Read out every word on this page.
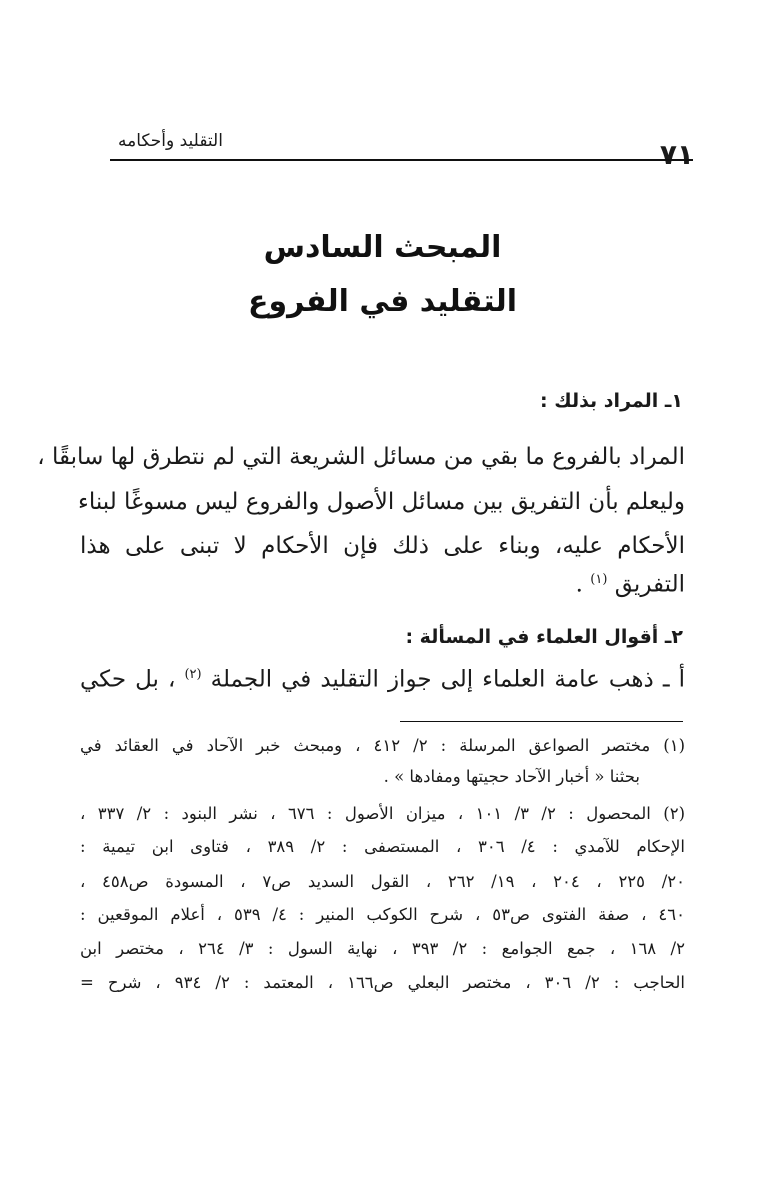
التقليد وأحكامه	٧١
المبحث السادس
التقليد في الفروع
١ـ المراد بذلك :
المراد بالفروع ما بقي من مسائل الشريعة التي لم نتطرق لها سابقًا ،
وليعلم بأن التفريق بين مسائل الأصول والفروع ليس مسوغًا لبناء
الأحكام عليه، وبناء على ذلك فإن الأحكام لا تبنى على هذا
التفريق $^{(١)}$ .
٢ـ أقوال العلماء في المسألة :
أ ـ ذهب عامة العلماء إلى جواز التقليد في الجملة $^{(٢)}$ ، بل حكي
(١) مختصر الصواعق المرسلة : ٢/ ٤١٢ ، ومبحث خبر الآحاد في العقائد في
بحثنا « أخبار الآحاد حجيتها ومفادها » .
(٢) المحصول : ٢/ ٣/ ١٠١ ، ميزان الأصول : ٦٧٦ ، نشر البنود : ٢/ ٣٣٧ ،
الإحكام للآمدي : ٤/ ٣٠٦ ، المستصفى : ٢/ ٣٨٩ ، فتاوى ابن تيمية :
٢٠/ ٢٢٥ ، ٢٠٤ ، ١٩/ ٢٦٢ ، القول السديد ص٧ ، المسودة ص٤٥٨ ،
٤٦٠ ، صفة الفتوى ص٥٣ ، شرح الكوكب المنير : ٤/ ٥٣٩ ، أعلام الموقعين :
٢/ ١٦٨ ، جمع الجوامع : ٢/ ٣٩٣ ، نهاية السول : ٣/ ٢٦٤ ، مختصر ابن
الحاجب : ٢/ ٣٠٦ ، مختصر البعلي ص١٦٦ ، المعتمد : ٢/ ٩٣٤ ، شرح =
